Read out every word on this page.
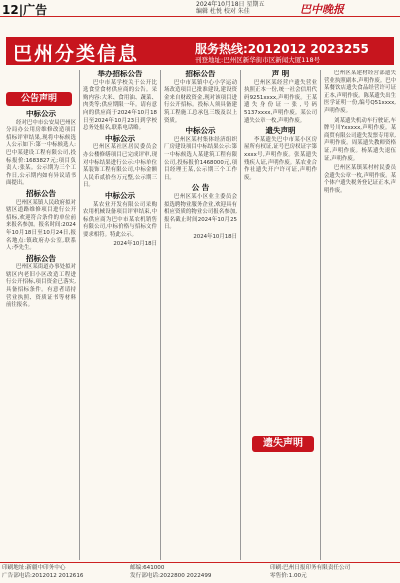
12|广告	2024年10月18日 星期五
编辑 杜悦 校对 朱佳	巴中晚报
巴州分类信息	服务热线:2012012 2023255
刊登地址:巴州区新华街市区新闻大厦118号
公告声明

中标公示

经对巴中市公安局巴州区分局办公用房维修改造项目招标评审结果,现将中标候选人公示如下:第一中标候选人:巴中某建设工程有限公司,投标报价:1683827元;项目负责人:张某。公示期为三个工作日,公示期内如有异议请书面提出。

招标公告

巴州区某镇人民政府拟对辖区道路维修项目进行公开招标,欢迎符合条件的单位前来报名参加。报名时间:2024年10月18日至10月24日,报名地点:镇政府办公室,联系人:李先生。

招标公告

巴州区某街道办事处拟对辖区内老旧小区改造工程进行公开招标,项目资金已落实,具备招标条件。有意者请持营业执照、资质证书等材料前往报名。

举办招标公告

巴中市某学校关于公开比选食堂食材供应商的公告。采购内容:大米、食用油、蔬菜、肉类等;供应期限一年。请有意向的供应商于2024年10月18日至2024年10月23日到学校总务处报名,联系电话略。

中标公示

巴州区某社区居民委员会办公楼修缮项目已完成评审,现对中标结果进行公示:中标单位某装饰工程有限公司,中标金额人民币贰拾叁万元整,公示期三日。

中标公示

某农业开发有限公司采购农用机械设备项目评审结束,中标供应商为巴中市某农机销售有限公司,中标价格与招标文件要求相符。特此公示。

2024年10月18日

招标公告

巴中市某镇中心小学运动场改造项目已批准建设,建设资金来自财政资金,现对该项目进行公开招标。投标人须具备建筑工程施工总承包三级及以上资质。

中标公示

巴州区某村集体经济组织厂房建设项目中标结果公示:第一中标候选人某建筑工程有限公司,投标报价1468000元,项目经理王某,公示期三个工作日。

公 告

巴州区某小区业主委员会拟选聘物业服务企业,欢迎具有相应资质的物业公司报名参加,报名截止时间2024年10月25日。

2024年10月18日

声 明

巴州区某经营户遗失营业执照正本一份,统一社会信用代码9251xxxx,声明作废。王某遗失身份证一张,号码5137xxxx,声明作废。某公司遗失公章一枚,声明作废。

遗失声明

李某遗失巴中市某小区房屋所有权证,证号巴房权证字第xxxx号,声明作废。张某遗失残疾人证,声明作废。某农业合作社遗失开户许可证,声明作废。

遗失声明

巴州区某建材经营部遗失营业执照副本,声明作废。巴中某餐饮店遗失食品经营许可证正本,声明作废。陈某遗失出生医学证明一份,编号Q51xxxx,声明作废。

刘某遗失机动车行驶证,车牌号川Yxxxxx,声明作废。某商贸有限公司遗失发票专用章,声明作废。周某遗失教师资格证,声明作废。杨某遗失退伍证,声明作废。

巴州区某镇某村村民委员会遗失公章一枚,声明作废。某个体户遗失税务登记证正本,声明作废。

印刷地址:新疆中印务中心
广告部电话:2012012 2012616
邮编:641000
发行部电话:2022800 2022499
印刷:巴州日报印务有限责任公司
零售价:1.00元
